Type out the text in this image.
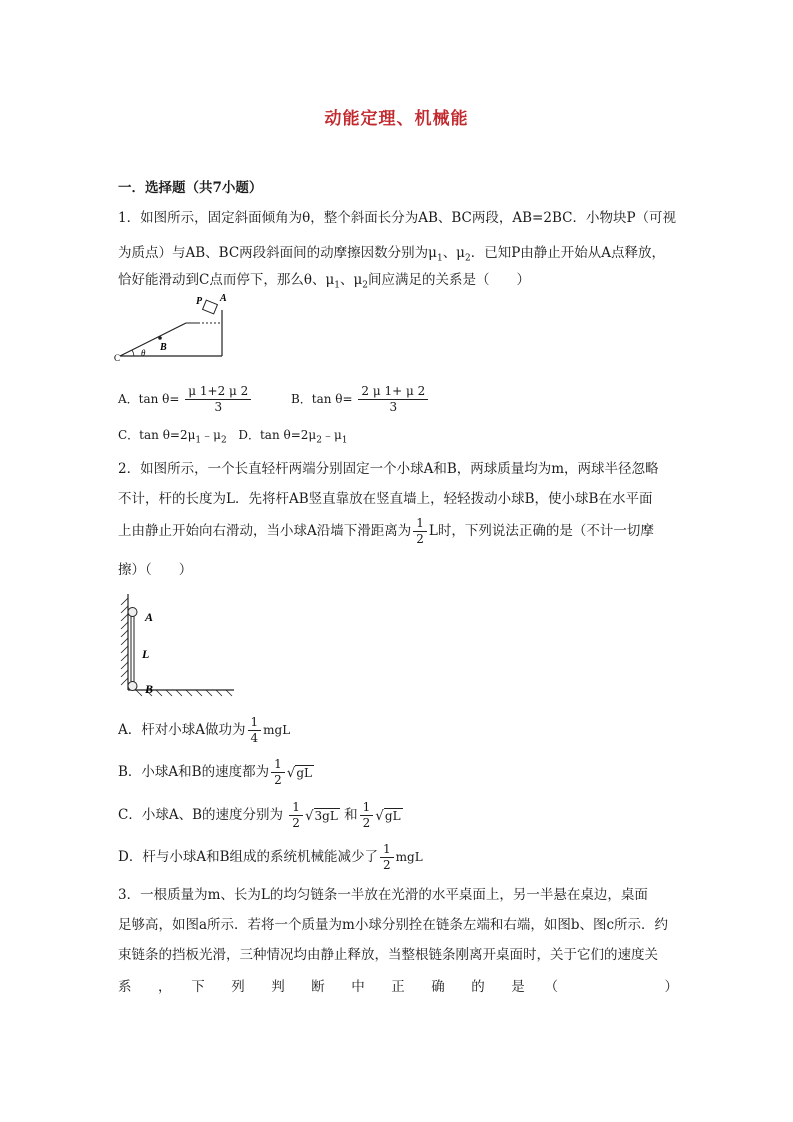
动能定理、机械能
一．选择题（共7小题）
1．如图所示，固定斜面倾角为θ，整个斜面长分为AB、BC两段，AB=2BC．小物块P（可视
为质点）与AB、BC两段斜面间的动摩擦因数分别为$\mu_1$、$\mu_2$．已知P由静止开始从A点释放，
恰好能滑动到C点而停下，那么θ、$\mu_1$、$\mu_2$间应满足的关系是（　　）
P A
B
θ
C
A．$\tan \theta= \frac{\mu 1+2 \mu 2}{3}$	B．$\tan \theta= \frac{2 \mu 1+ \mu 2}{3}$
C．$\tan \theta=2\mu_1﹣\mu_2$ D．$\tan \theta=2\mu_2﹣\mu_1$
2．如图所示，一个长直轻杆两端分别固定一个小球A和B，两球质量均为m，两球半径忽略
不计，杆的长度为L．先将杆AB竖直靠放在竖直墙上，轻轻拨动小球B，使小球B在水平面
上由静止开始向右滑动，当小球A沿墙下滑距离为 $\frac{1}{2}$ L时，下列说法正确的是（不计一切摩
擦）（　　）
A
L
B
A．杆对小球A做功为 $\frac{1}{4}$ mgL
B．小球A和B的速度都为 $\frac{1}{2} √gL$
C．小球A、B的速度分别为 $\frac{1}{2} √3gL$ 和 $\frac{1}{2} √gL$
D．杆与小球A和B组成的系统机械能减少了 $\frac{1}{2}$ mgL
3．一根质量为m、长为L的均匀链条一半放在光滑的水平桌面上，另一半悬在桌边，桌面
足够高，如图a所示．若将一个质量为m小球分别拴在链条左端和右端，如图b、图c所示．约
束链条的挡板光滑，三种情况均由静止释放，当整根链条刚离开桌面时，关于它们的速度关
系　，　下　列　判　断　中　正　确　的　是　（　　　　　）
